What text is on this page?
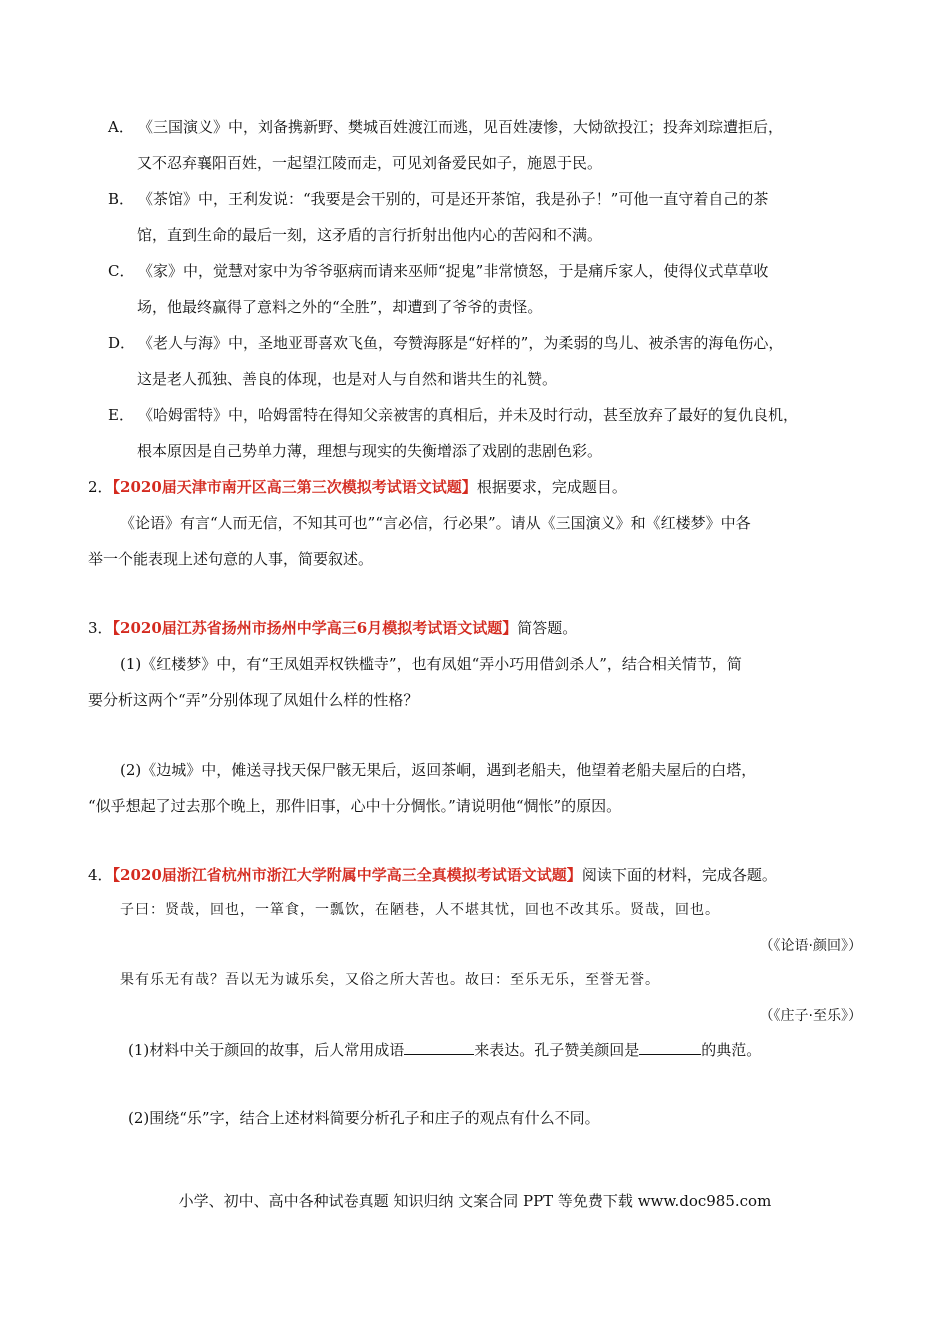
A． 《三国演义》中，刘备携新野、樊城百姓渡江而逃，见百姓凄惨，大恸欲投江；投奔刘琮遭拒后，
又不忍弃襄阳百姓，一起望江陵而走，可见刘备爱民如子，施恩于民。
B． 《茶馆》中，王利发说：“我要是会干别的，可是还开茶馆，我是孙子！”可他一直守着自己的茶
馆，直到生命的最后一刻，这矛盾的言行折射出他内心的苦闷和不满。
C． 《家》中，觉慧对家中为爷爷驱病而请来巫师“捉鬼”非常愤怒，于是痛斥家人，使得仪式草草收
场，他最终赢得了意料之外的“全胜”，却遭到了爷爷的责怪。
D． 《老人与海》中，圣地亚哥喜欢飞鱼，夸赞海豚是“好样的”，为柔弱的鸟儿、被杀害的海龟伤心，
这是老人孤独、善良的体现，也是对人与自然和谐共生的礼赞。
E． 《哈姆雷特》中，哈姆雷特在得知父亲被害的真相后，并未及时行动，甚至放弃了最好的复仇良机，
根本原因是自己势单力薄，理想与现实的失衡增添了戏剧的悲剧色彩。
2．【2020届天津市南开区高三第三次模拟考试语文试题】根据要求，完成题目。
《论语》有言“人而无信，不知其可也”“言必信，行必果”。请从《三国演义》和《红楼梦》中各
举一个能表现上述句意的人事，简要叙述。
3．【2020届江苏省扬州市扬州中学高三6月模拟考试语文试题】简答题。
(1)《红楼梦》中，有“王凤姐弄权铁槛寺”，也有凤姐“弄小巧用借剑杀人”，结合相关情节，简
要分析这两个“弄”分别体现了凤姐什么样的性格？
(2)《边城》中，傩送寻找天保尸骸无果后，返回茶峒，遇到老船夫，他望着老船夫屋后的白塔，
“似乎想起了过去那个晚上，那件旧事，心中十分惆怅。”请说明他“惆怅”的原因。
4．【2020届浙江省杭州市浙江大学附属中学高三全真模拟考试语文试题】阅读下面的材料，完成各题。
子曰：贤哉，回也，一箪食，一瓢饮，在陋巷，人不堪其忧，回也不改其乐。贤哉，回也。
（《论语·颜回》）
果有乐无有哉？吾以无为诚乐矣，又俗之所大苦也。故曰：至乐无乐，至誉无誉。
（《庄子·至乐》）
(1)材料中关于颜回的故事，后人常用成语	来表达。孔子赞美颜回是	的典范。
(2)围绕“乐”字，结合上述材料简要分析孔子和庄子的观点有什么不同。
小学、初中、高中各种试卷真题 知识归纳 文案合同 PPT 等免费下载 www.doc985.com
